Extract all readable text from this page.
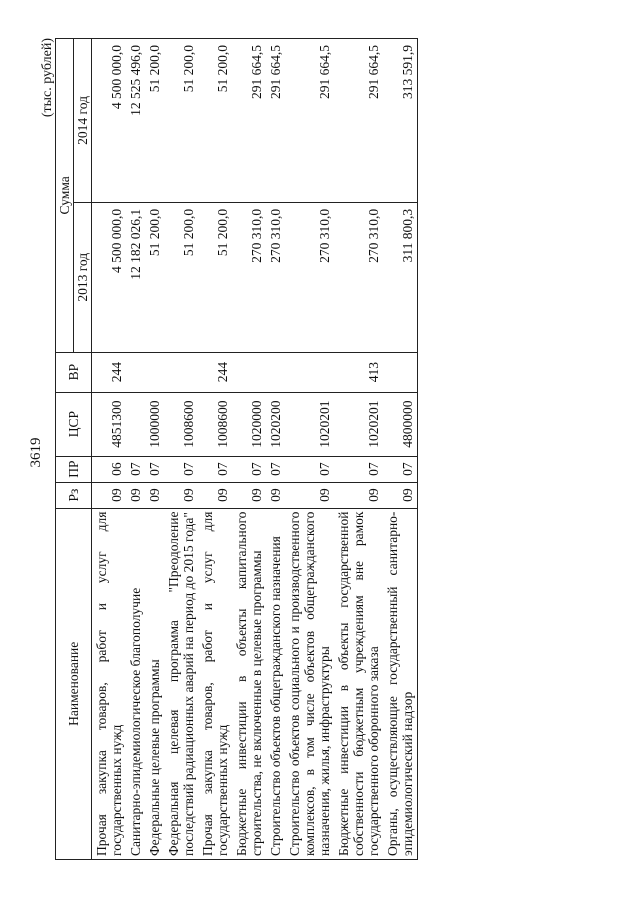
3619
(тыс. рублей)
Наименование	Рз	ПР	ЦСР	ВР	Сумма	
					2013 год	2014 год
Прочая закупка товаров, работ и услуг для государственных нужд	09	06	4851300	244	4 500 000,0	4 500 000,0
Санитарно-эпидемиологическое благополучие	09	07			12 182 026,1	12 525 496,0
Федеральные целевые программы	09	07	1000000		51 200,0	51 200,0
Федеральная целевая программа "Преодоление последствий радиационных аварий на период до 2015 года"	09	07	1008600		51 200,0	51 200,0
Прочая закупка товаров, работ и услуг для государственных нужд	09	07	1008600	244	51 200,0	51 200,0
Бюджетные инвестиции в объекты капитального строительства, не включенные в целевые программы	09	07	1020000		270 310,0	291 664,5
Строительство объектов общегражданского назначения	09	07	1020200		270 310,0	291 664,5
Строительство объектов социального и производственного комплексов, в том числе объектов общегражданского назначения, жилья, инфраструктуры	09	07	1020201		270 310,0	291 664,5
Бюджетные инвестиции в объекты государственной собственности бюджетным учреждениям вне рамок государственного оборонного заказа	09	07	1020201	413	270 310,0	291 664,5
Органы, осуществляющие государственный санитарно-эпидемиологический надзор	09	07	4800000		311 800,3	313 591,9
